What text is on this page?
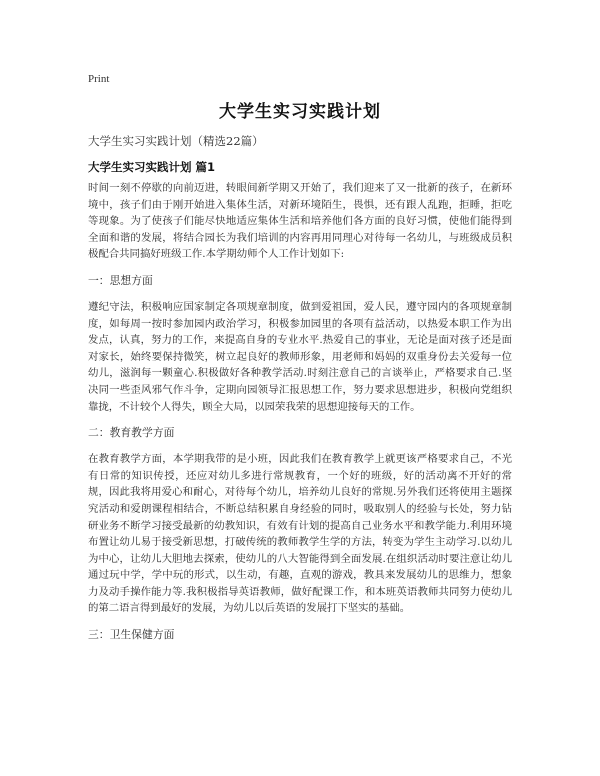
Print
大学生实习实践计划
大学生实习实践计划（精选22篇）
大学生实习实践计划 篇1

时间一刻不停歇的向前迈进，转眼间新学期又开始了，我们迎来了又一批新的孩子，在新环境中，孩子们由于刚开始进入集体生活，对新环境陌生，畏惧，还有跟人乱跑，拒睡，拒吃等现象。为了使孩子们能尽快地适应集体生活和培养他们各方面的良好习惯，使他们能得到全面和谐的发展，将结合园长为我们培训的内容再用同理心对待每一名幼儿，与班级成员积极配合共同搞好班级工作.本学期幼师个人工作计划如下:

一：思想方面

遵纪守法，积极响应国家制定各项规章制度，做到爱祖国，爱人民，遵守园内的各项规章制度，如每周一按时参加园内政治学习，积极参加园里的各项有益活动，以热爱本职工作为出发点，认真，努力的工作，来提高自身的专业水平.热爱自己的事业，无论是面对孩子还是面对家长，始终要保持微笑，树立起良好的教师形象，用老师和妈妈的双重身份去关爱每一位幼儿，滋润每一颗童心.积极做好各种教学活动.时刻注意自己的言谈举止，严格要求自己.坚决同一些歪风邪气作斗争，定期向园领导汇报思想工作，努力要求思想进步，积极向党组织靠拢，不计较个人得失，顾全大局，以园荣我荣的思想迎接每天的工作。

二：教育教学方面

在教育教学方面，本学期我带的是小班，因此我们在教育教学上就更该严格要求自己，不光有日常的知识传授，还应对幼儿多进行常规教育，一个好的班级，好的活动离不开好的常规，因此我将用爱心和耐心，对待每个幼儿，培养幼儿良好的常规.另外我们还将使用主题探究活动和爱朗课程相结合，不断总结积累自身经验的同时，吸取别人的经验与长处，努力钻研业务不断学习接受最新的幼教知识，有效有计划的提高自己业务水平和教学能力.利用环境布置让幼儿易于接受新思想，打破传统的教师教学生学的方法，转变为学生主动学习.以幼儿为中心，让幼儿大胆地去探索，使幼儿的八大智能得到全面发展.在组织活动时要注意让幼儿通过玩中学，学中玩的形式，以生动，有趣，直观的游戏，教具来发展幼儿的思维力，想象力及动手操作能力等.我积极指导英语教师，做好配课工作，和本班英语教师共同努力使幼儿的第二语言得到最好的发展，为幼儿以后英语的发展打下坚实的基础。

三：卫生保健方面
